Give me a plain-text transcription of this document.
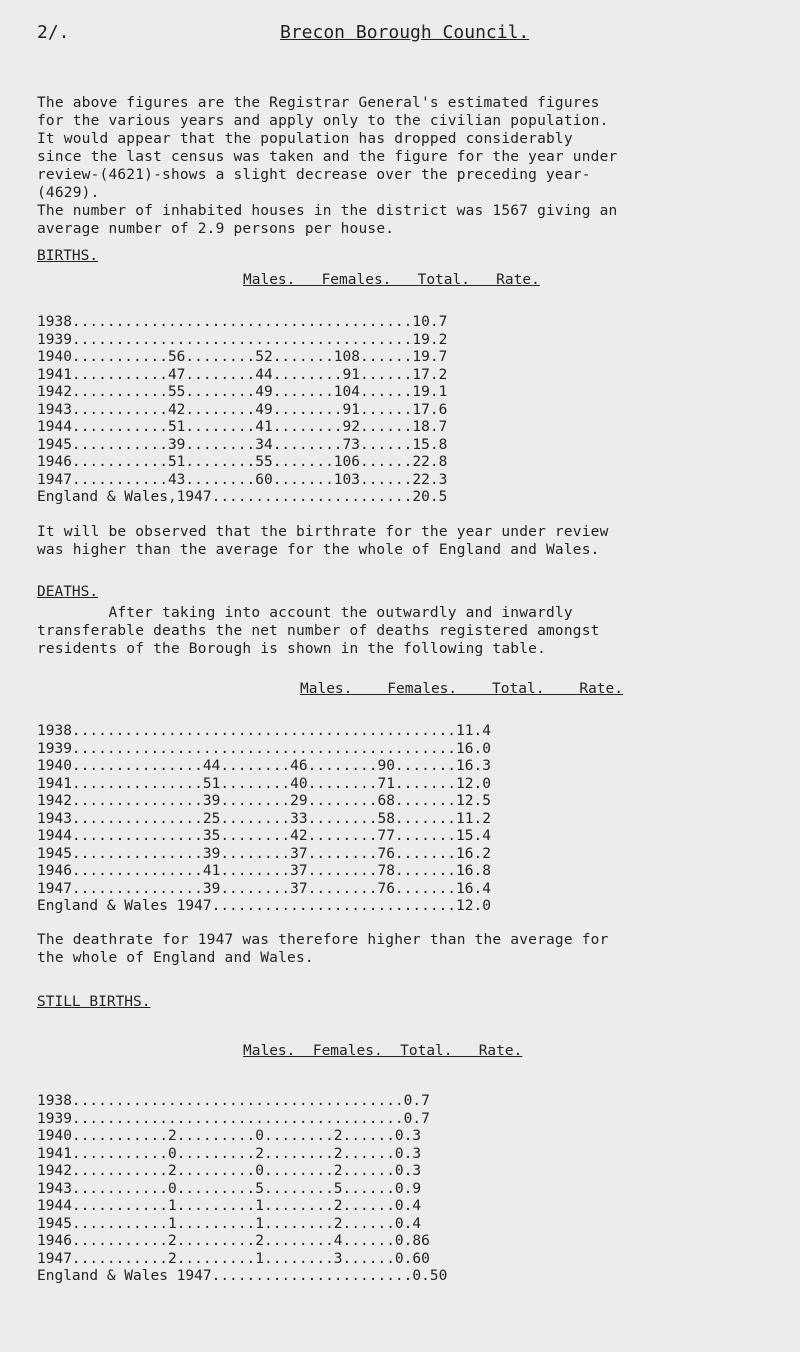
2/.	Brecon Borough Council.
The above figures are the Registrar General's estimated figures
for the various years and apply only to the civilian population.
It would appear that the population has dropped considerably
since the last census was taken and the figure for the year under
review-(4621)-shows a slight decrease over the preceding year-
(4629).
The number of inhabited houses in the district was 1567 giving an
average number of 2.9 persons per house.
BIRTHS.
Males.   Females.   Total.   Rate.
1938.......................................10.7
1939.......................................19.2
1940...........56........52.......108......19.7
1941...........47........44........91......17.2
1942...........55........49.......104......19.1
1943...........42........49........91......17.6
1944...........51........41........92......18.7
1945...........39........34........73......15.8
1946...........51........55.......106......22.8
1947...........43........60.......103......22.3
England & Wales,1947.......................20.5
It will be observed that the birthrate for the year under review
was higher than the average for the whole of England and Wales.
DEATHS.
After taking into account the outwardly and inwardly
transferable deaths the net number of deaths registered amongst
residents of the Borough is shown in the following table.
Males.    Females.    Total.    Rate.
1938............................................11.4
1939............................................16.0
1940...............44........46........90.......16.3
1941...............51........40........71.......12.0
1942...............39........29........68.......12.5
1943...............25........33........58.......11.2
1944...............35........42........77.......15.4
1945...............39........37........76.......16.2
1946...............41........37........78.......16.8
1947...............39........37........76.......16.4
England & Wales 1947............................12.0
The deathrate for 1947 was therefore higher than the average for
the whole of England and Wales.
STILL BIRTHS.
Males.  Females.  Total.   Rate.
1938......................................0.7
1939......................................0.7
1940...........2.........0........2......0.3
1941...........0.........2........2......0.3
1942...........2.........0........2......0.3
1943...........0.........5........5......0.9
1944...........1.........1........2......0.4
1945...........1.........1........2......0.4
1946...........2.........2........4......0.86
1947...........2.........1........3......0.60
England & Wales 1947.......................0.50
